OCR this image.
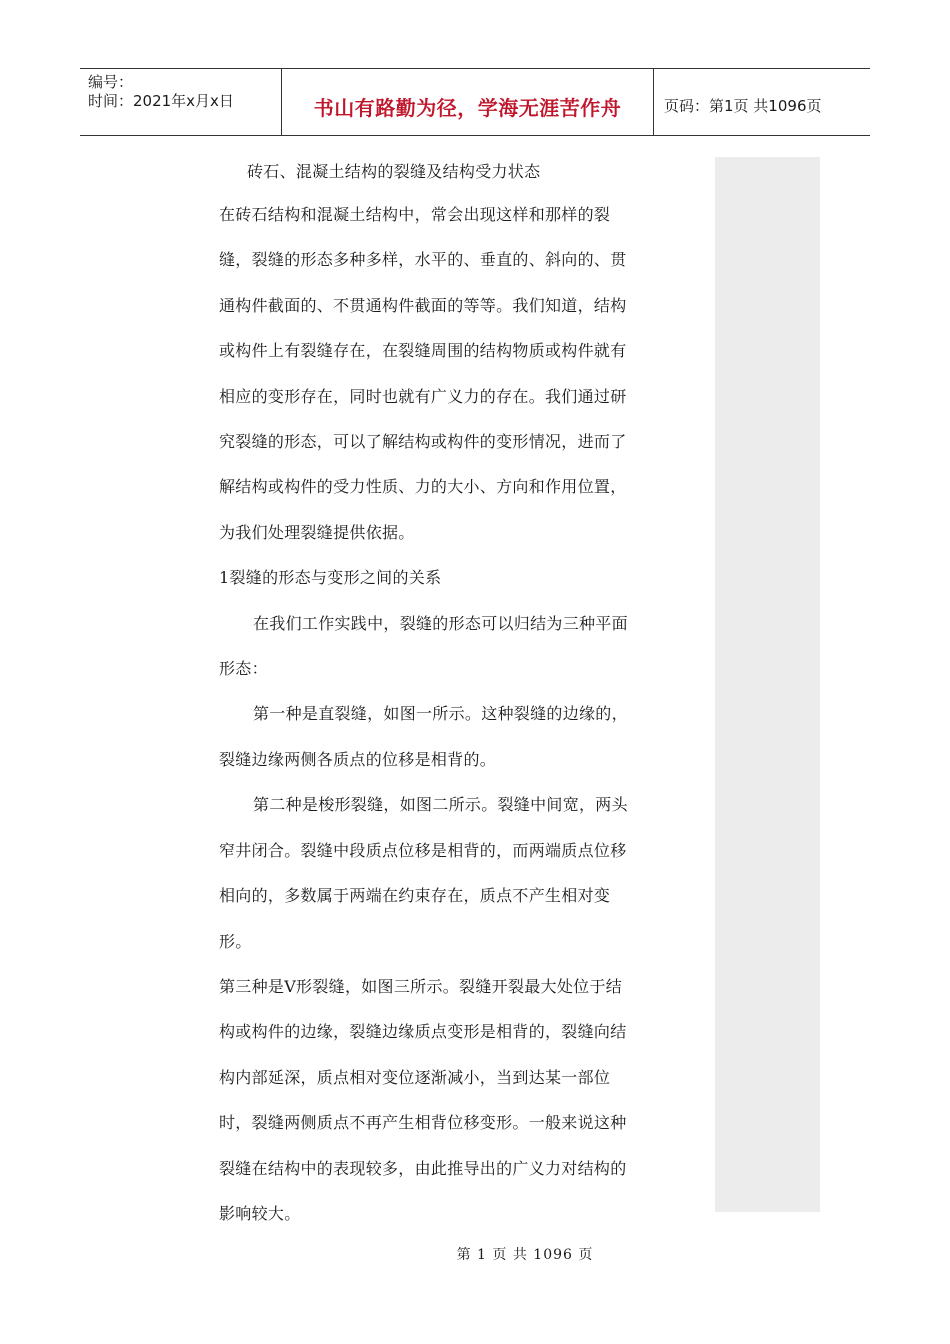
编号：
时间：2021年x月x日	书山有路勤为径，学海无涯苦作舟	页码：第1页 共1096页

砖石、混凝土结构的裂缝及结构受力状态

在砖石结构和混凝土结构中，常会出现这样和那样的裂缝，裂缝的形态多种多样，水平的、垂直的、斜向的、贯通构件截面的、不贯通构件截面的等等。我们知道，结构或构件上有裂缝存在，在裂缝周围的结构物质或构件就有相应的变形存在，同时也就有广义力的存在。我们通过研究裂缝的形态，可以了解结构或构件的变形情况，进而了解结构或构件的受力性质、力的大小、方向和作用位置，为我们处理裂缝提供依据。

1裂缝的形态与变形之间的关系

在我们工作实践中，裂缝的形态可以归结为三种平面形态：

第一种是直裂缝，如图一所示。这种裂缝的边缘的，裂缝边缘两侧各质点的位移是相背的。

第二种是梭形裂缝，如图二所示。裂缝中间宽，两头窄井闭合。裂缝中段质点位移是相背的，而两端质点位移相向的，多数属于两端在约束存在，质点不产生相对变形。

第三种是V形裂缝，如图三所示。裂缝开裂最大处位于结构或构件的边缘，裂缝边缘质点变形是相背的，裂缝向结构内部延深，质点相对变位逐渐减小，当到达某一部位时，裂缝两侧质点不再产生相背位移变形。一般来说这种裂缝在结构中的表现较多，由此推导出的广义力对结构的影响较大。

第 1 页 共 1096 页
